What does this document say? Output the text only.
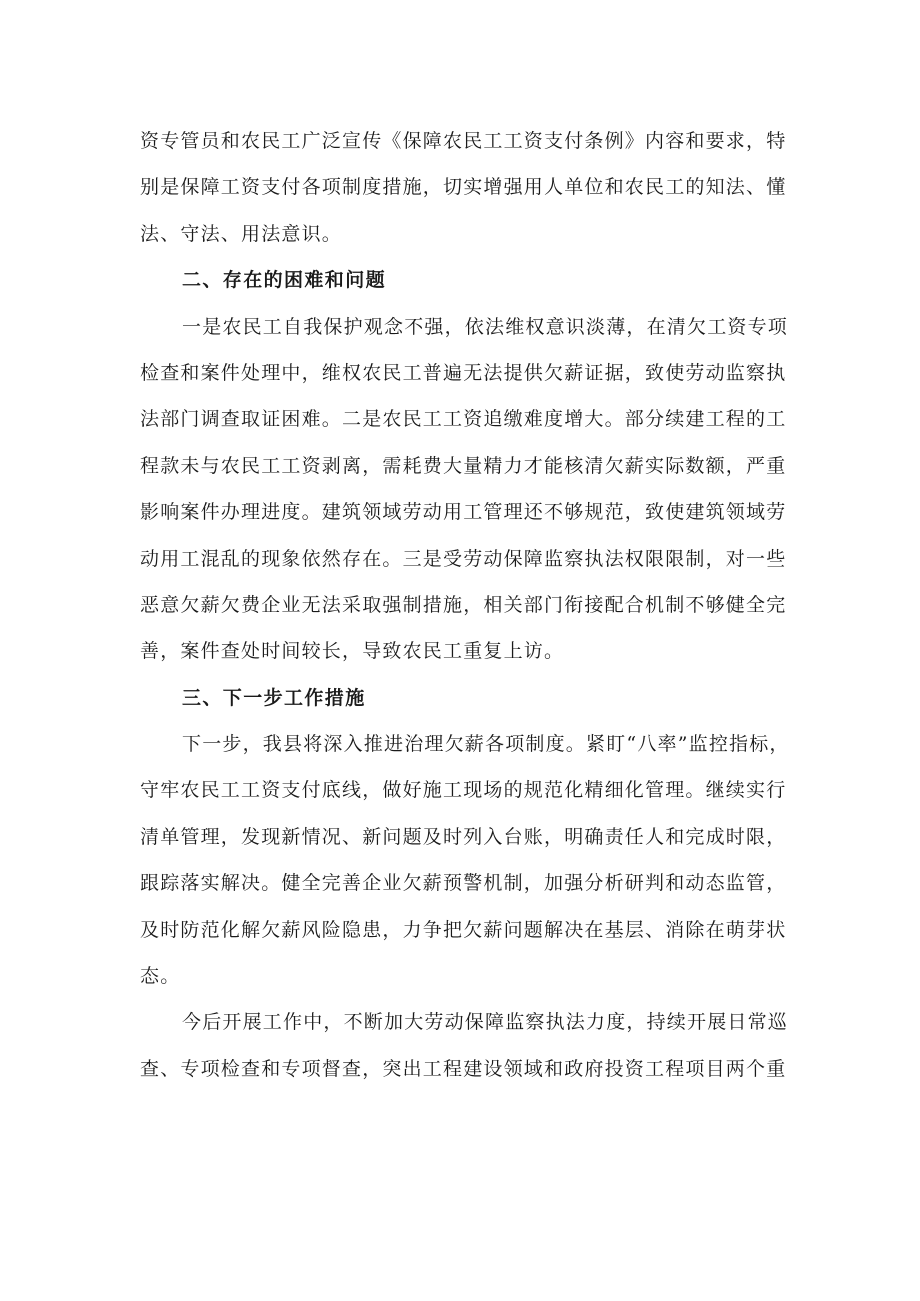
资专管员和农民工广泛宣传《保障农民工工资支付条例》内容和要求，特
别是保障工资支付各项制度措施，切实增强用人单位和农民工的知法、懂
法、守法、用法意识。
二、存在的困难和问题
一是农民工自我保护观念不强，依法维权意识淡薄，在清欠工资专项
检查和案件处理中，维权农民工普遍无法提供欠薪证据，致使劳动监察执
法部门调查取证困难。二是农民工工资追缴难度增大。部分续建工程的工
程款未与农民工工资剥离，需耗费大量精力才能核清欠薪实际数额，严重
影响案件办理进度。建筑领域劳动用工管理还不够规范，致使建筑领域劳
动用工混乱的现象依然存在。三是受劳动保障监察执法权限限制，对一些
恶意欠薪欠费企业无法采取强制措施，相关部门衔接配合机制不够健全完
善，案件查处时间较长，导致农民工重复上访。
三、下一步工作措施
下一步，我县将深入推进治理欠薪各项制度。紧盯“八率”监控指标，
守牢农民工工资支付底线，做好施工现场的规范化精细化管理。继续实行
清单管理，发现新情况、新问题及时列入台账，明确责任人和完成时限，
跟踪落实解决。健全完善企业欠薪预警机制，加强分析研判和动态监管，
及时防范化解欠薪风险隐患，力争把欠薪问题解决在基层、消除在萌芽状
态。
今后开展工作中，不断加大劳动保障监察执法力度，持续开展日常巡
查、专项检查和专项督查，突出工程建设领域和政府投资工程项目两个重
